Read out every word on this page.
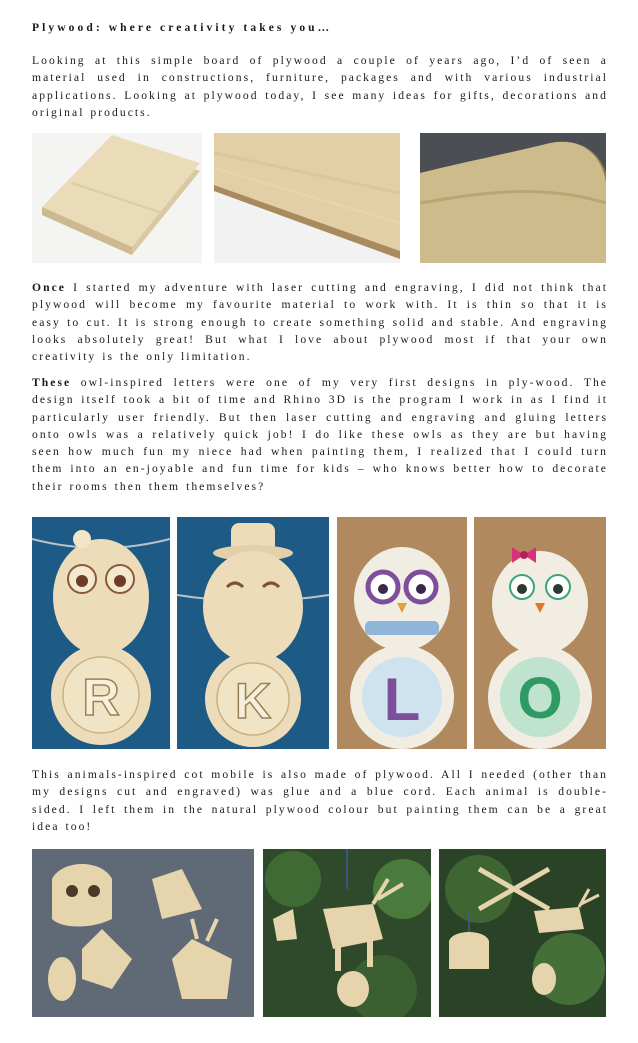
Plywood: where creativity takes you…
Looking at this simple board of plywood a couple of years ago, I’d of seen a material used in constructions, furniture, packages and with various industrial applications. Looking at plywood today, I see many ideas for gifts, decorations and original products.
Once I started my adventure with laser cutting and engraving, I did not think that plywood will become my favourite material to work with. It is thin so that it is easy to cut. It is strong enough to create something solid and stable. And engraving looks absolutely great! But what I love about plywood most if that your own creativity is the only limitation.
These owl-inspired letters were one of my very first designs in ply-wood. The design itself took a bit of time and Rhino 3D is the program I work in as I find it particularly user friendly. But then laser cutting and engraving and gluing letters onto owls was a relatively quick job! I do like these owls as they are but having seen how much fun my niece had when painting them, I realized that I could turn them into an en-joyable and fun time for kids – who knows better how to decorate their rooms then them themselves?
R K L O
This animals-inspired cot mobile is also made of plywood. All I needed (other than my designs cut and engraved) was glue and a blue cord. Each animal is double-sided. I left them in the natural plywood colour but painting them can be a great idea too!
